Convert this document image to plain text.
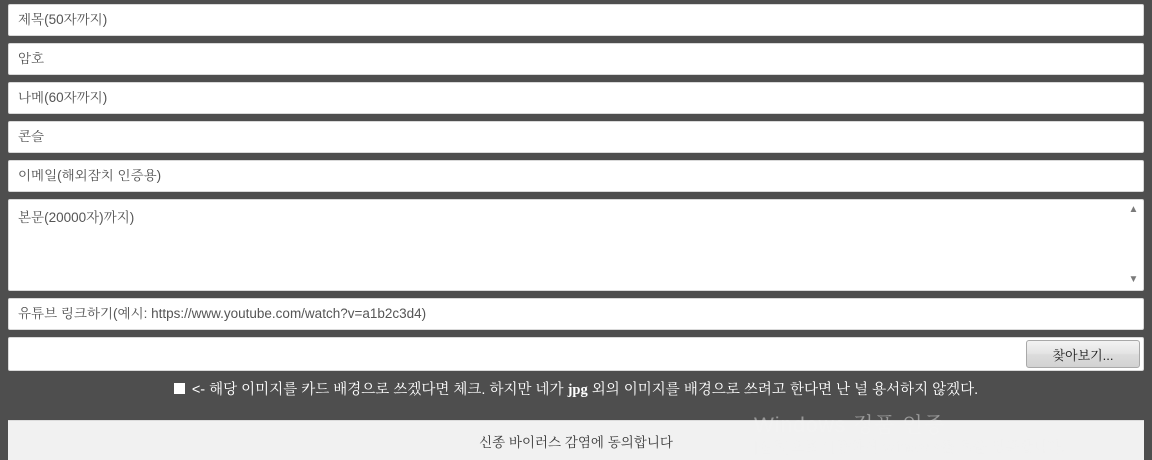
제목(50자까지)
암호
나메(60자까지)
콘슬
이메일(해외잠치 인증용)
본문(20000자)까지)
▲
▼
유튜브 링크하기(예시: https://www.youtube.com/watch?v=a1b2c3d4)
찾아보기...
<- 해당 이미지를 카드 배경으로 쓰겠다면 체크. 하지만 네가 jpg 외의 이미지를 배경으로 쓰려고 한다면 난 널 용서하지 않겠다.
신종 바이러스 감염에 동의합니다
Windows 정품 인증
[설정]으로 이동하여 Windows를 정품 인증합니다.
